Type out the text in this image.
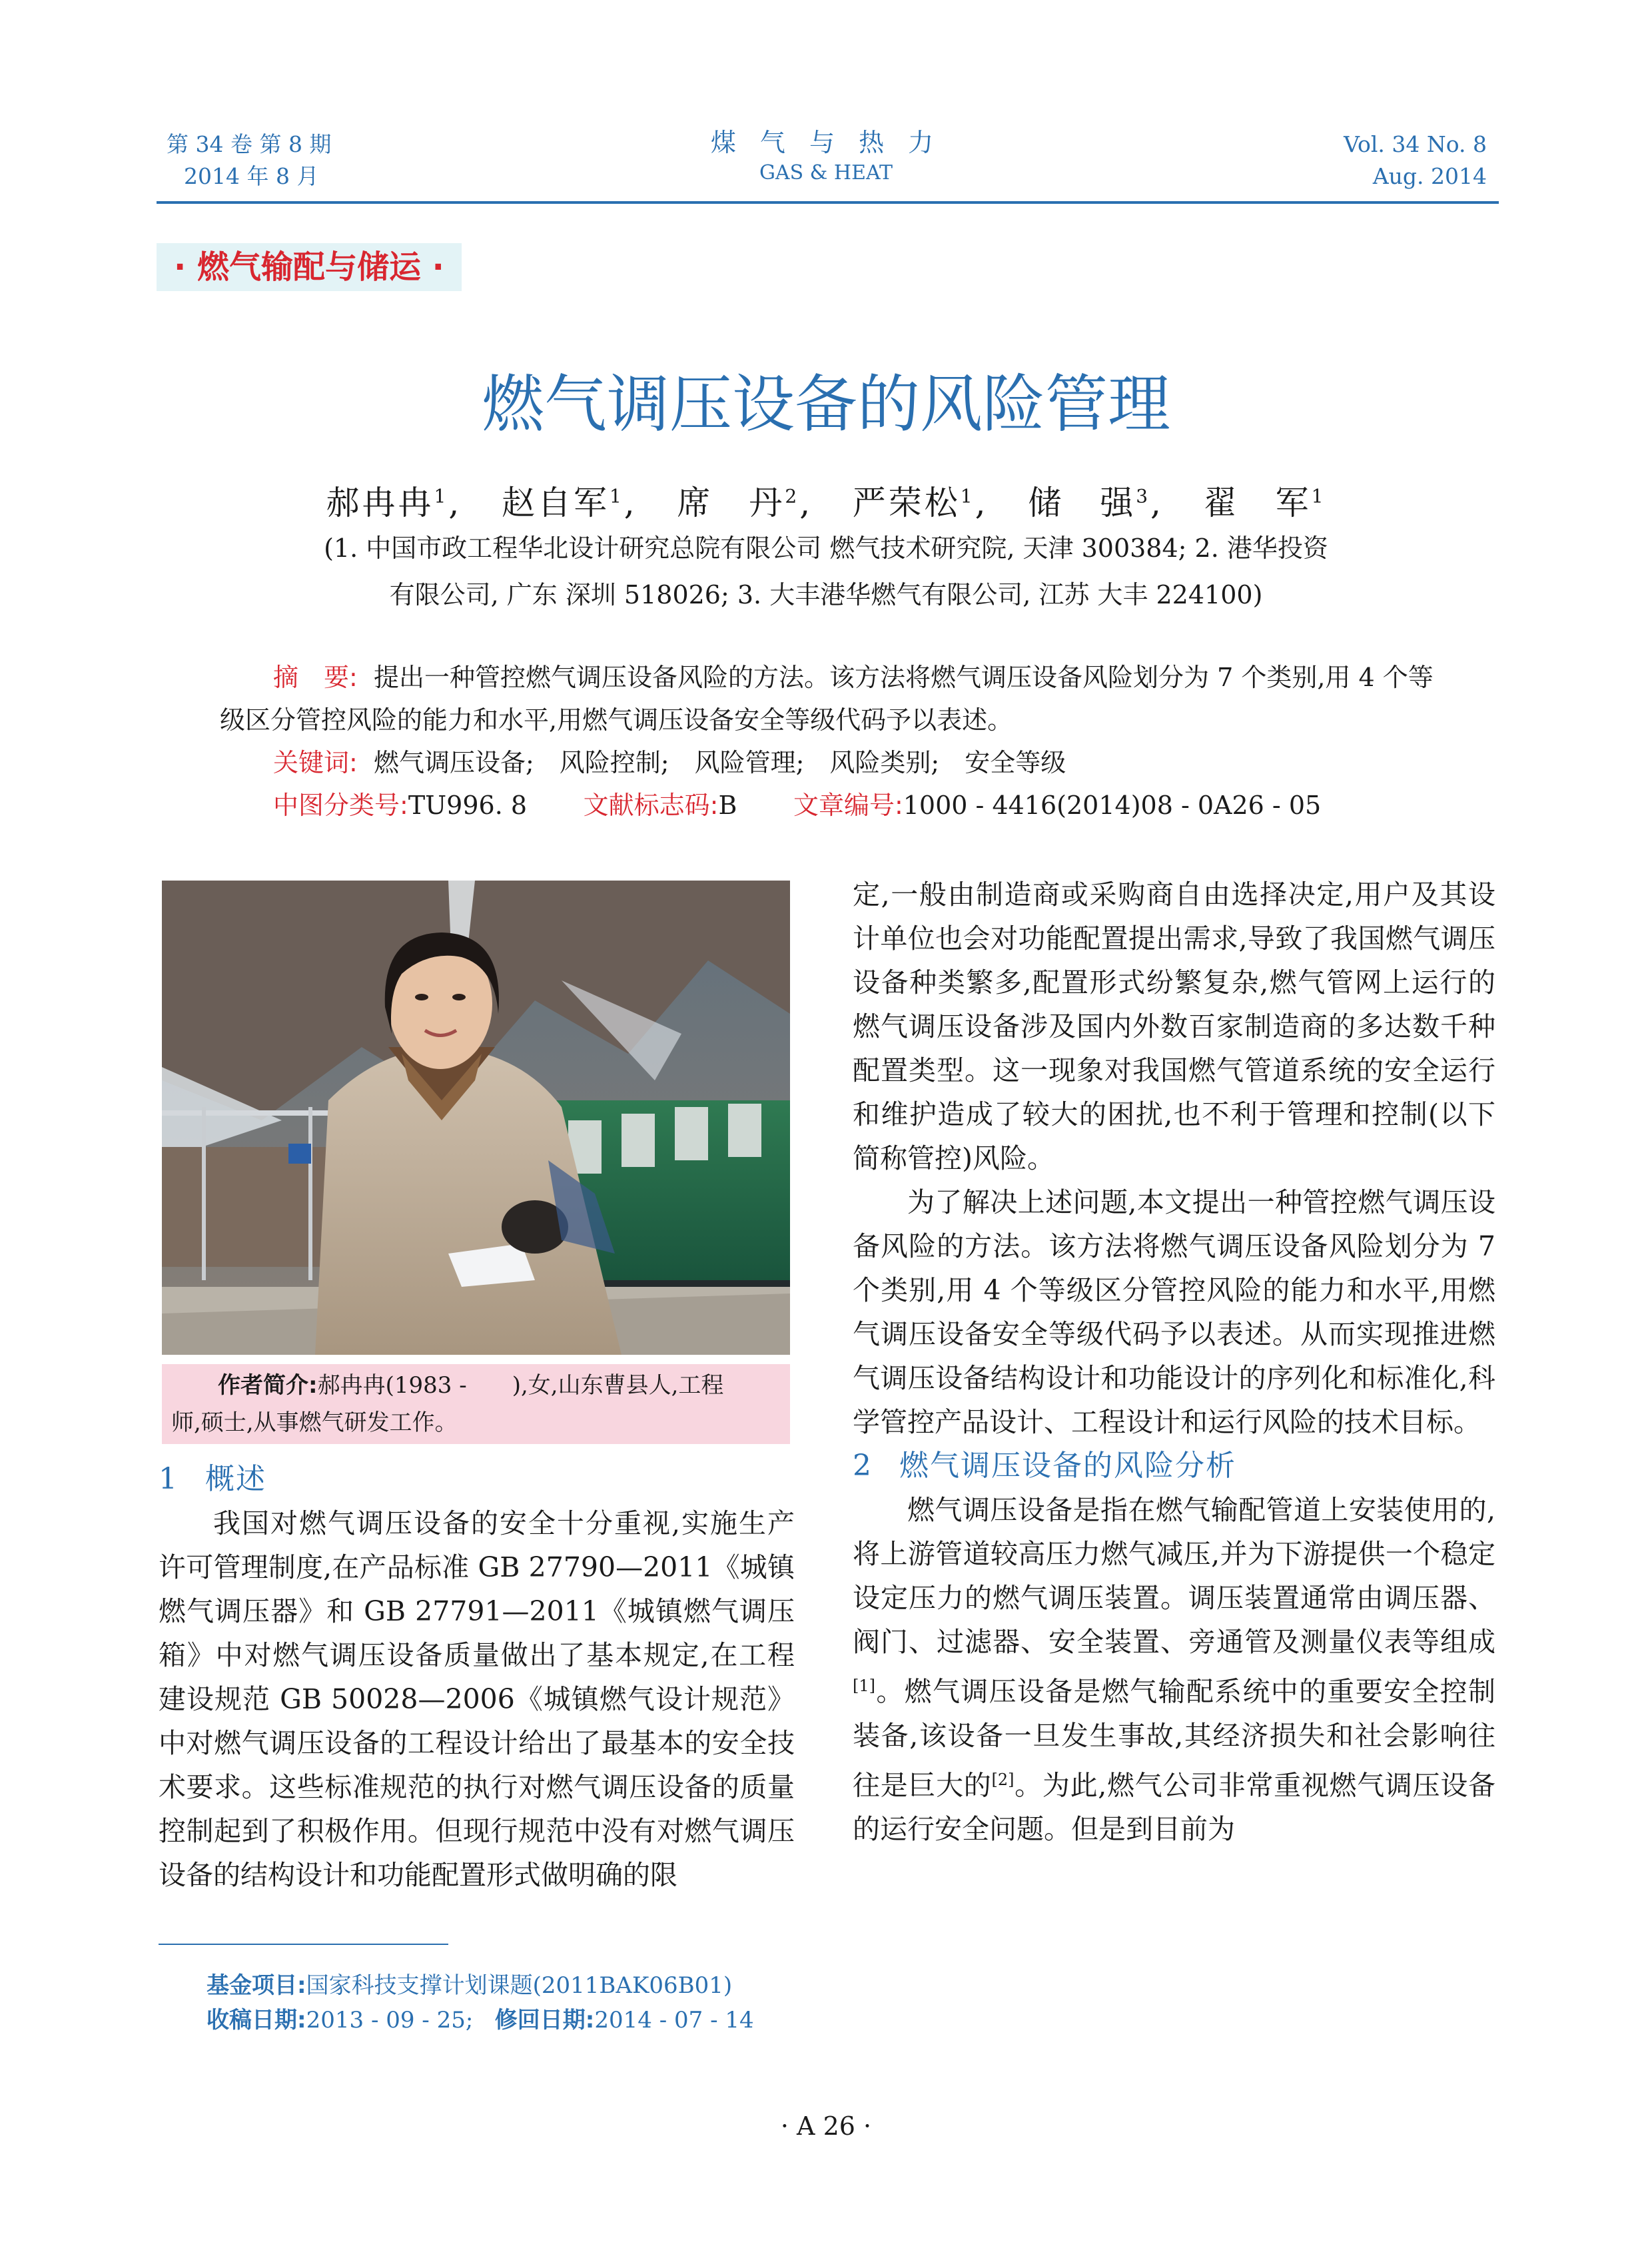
第 34 卷 第 8 期
2014 年 8 月
煤 气 与 热 力
GAS & HEAT
Vol. 34 No. 8
Aug. 2014
· 燃气输配与储运 ·
燃气调压设备的风险管理
郝冉冉$^1$, 赵自军$^1$, 席　丹$^2$, 严荣松$^1$, 储　强$^3$, 翟　军$^1$
(1. 中国市政工程华北设计研究总院有限公司 燃气技术研究院, 天津 300384; 2. 港华投资
有限公司, 广东 深圳 518026; 3. 大丰港华燃气有限公司, 江苏 大丰 224100)

摘　要: 提出一种管控燃气调压设备风险的方法。该方法将燃气调压设备风险划分为 7 个类别,用 4 个等级区分管控风险的能力和水平,用燃气调压设备安全等级代码予以表述。

关键词: 燃气调压设备;　风险控制;　风险管理;　风险类别;　安全等级

中图分类号:TU996. 8 文献标志码:B 文章编号:1000 - 4416(2014)08 - 0A26 - 05

作者简介:郝冉冉(1983 -　　),女,山东曹县人,工程
师,硕士,从事燃气研发工作。
1 概述

我国对燃气调压设备的安全十分重视,实施生产许可管理制度,在产品标准 GB 27790—2011《城镇燃气调压器》和 GB 27791—2011《城镇燃气调压箱》中对燃气调压设备质量做出了基本规定,在工程建设规范 GB 50028—2006《城镇燃气设计规范》中对燃气调压设备的工程设计给出了最基本的安全技术要求。这些标准规范的执行对燃气调压设备的质量控制起到了积极作用。但现行规范中没有对燃气调压设备的结构设计和功能配置形式做明确的限

定,一般由制造商或采购商自由选择决定,用户及其设计单位也会对功能配置提出需求,导致了我国燃气调压设备种类繁多,配置形式纷繁复杂,燃气管网上运行的燃气调压设备涉及国内外数百家制造商的多达数千种配置类型。这一现象对我国燃气管道系统的安全运行和维护造成了较大的困扰,也不利于管理和控制(以下简称管控)风险。

为了解决上述问题,本文提出一种管控燃气调压设备风险的方法。该方法将燃气调压设备风险划分为 7 个类别,用 4 个等级区分管控风险的能力和水平,用燃气调压设备安全等级代码予以表述。从而实现推进燃气调压设备结构设计和功能设计的序列化和标准化,科学管控产品设计、工程设计和运行风险的技术目标。

2 燃气调压设备的风险分析

燃气调压设备是指在燃气输配管道上安装使用的,将上游管道较高压力燃气减压,并为下游提供一个稳定设定压力的燃气调压装置。调压装置通常由调压器、阀门、过滤器、安全装置、旁通管及测量仪表等组成[1]。燃气调压设备是燃气输配系统中的重要安全控制装备,该设备一旦发生事故,其经济损失和社会影响往往是巨大的[2]。为此,燃气公司非常重视燃气调压设备的运行安全问题。但是到目前为

基金项目:国家科技支撑计划课题(2011BAK06B01)
收稿日期:2013 - 09 - 25; 修回日期:2014 - 07 - 14
· A 26 ·
